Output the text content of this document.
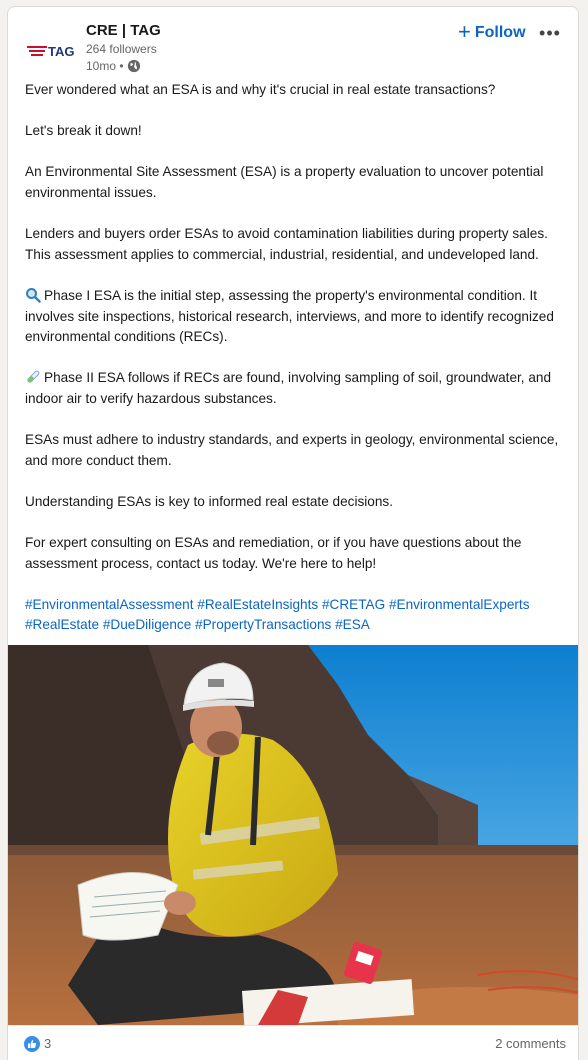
TAG
CRE | TAG
264 followers
10mo •
+ Follow •••

Ever wondered what an ESA is and why it's crucial in real estate transactions?

Let's break it down!

An Environmental Site Assessment (ESA) is a property evaluation to uncover potential environmental issues.

Lenders and buyers order ESAs to avoid contamination liabilities during property sales. This assessment applies to commercial, industrial, residential, and undeveloped land.

Phase I ESA is the initial step, assessing the property's environmental condition. It involves site inspections, historical research, interviews, and more to identify recognized environmental conditions (RECs).

Phase II ESA follows if RECs are found, involving sampling of soil, groundwater, and indoor air to verify hazardous substances.

ESAs must adhere to industry standards, and experts in geology, environmental science, and more conduct them.

Understanding ESAs is key to informed real estate decisions.

For expert consulting on ESAs and remediation, or if you have questions about the assessment process, contact us today. We're here to help!

#EnvironmentalAssessment #RealEstateInsights #CRETAG #EnvironmentalExperts #RealEstate #DueDiligence #PropertyTransactions #ESA

3	2 comments
